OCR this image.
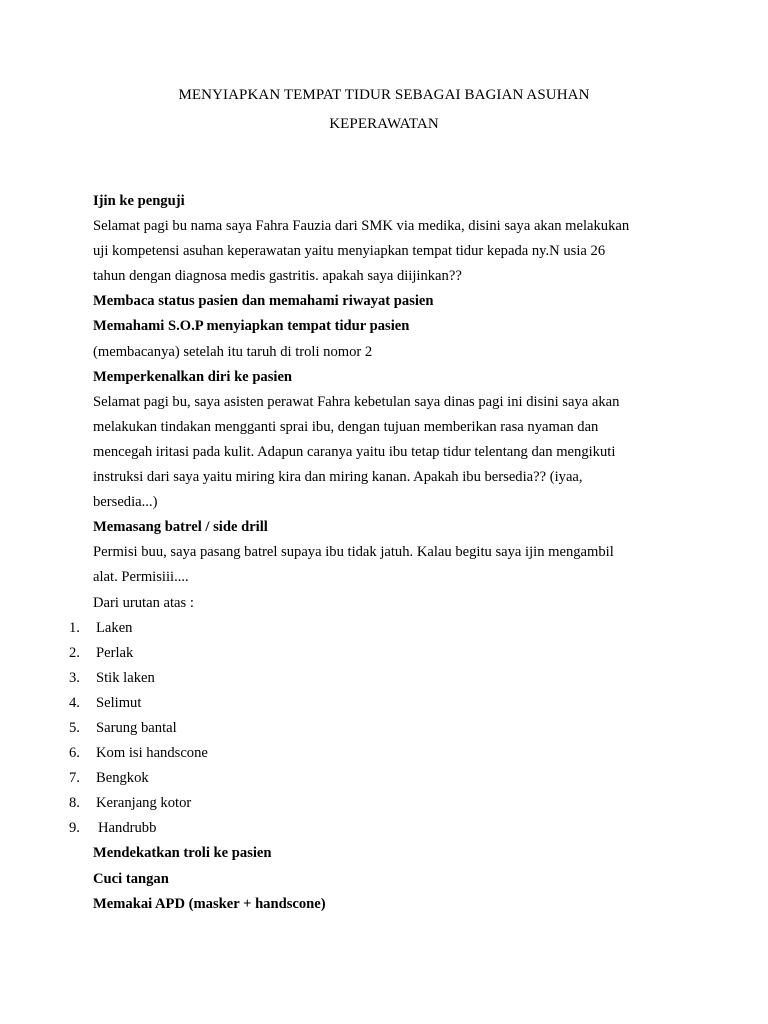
MENYIAPKAN TEMPAT TIDUR SEBAGAI BAGIAN ASUHAN
KEPERAWATAN
Ijin ke penguji
Selamat pagi bu nama saya Fahra Fauzia dari SMK via medika, disini saya akan melakukan
uji kompetensi asuhan keperawatan yaitu menyiapkan tempat tidur kepada ny.N usia 26
tahun dengan diagnosa medis gastritis. apakah saya diijinkan??
Membaca status pasien dan memahami riwayat pasien
Memahami S.O.P menyiapkan tempat tidur pasien
(membacanya) setelah itu taruh di troli nomor 2
Memperkenalkan diri ke pasien
Selamat pagi bu, saya asisten perawat Fahra kebetulan saya dinas pagi ini disini saya akan
melakukan tindakan mengganti sprai ibu, dengan tujuan memberikan rasa nyaman dan
mencegah iritasi pada kulit. Adapun caranya yaitu ibu tetap tidur telentang dan mengikuti
instruksi dari saya yaitu miring kira dan miring kanan. Apakah ibu bersedia?? (iyaa,
bersedia...)
Memasang batrel / side drill
Permisi buu, saya pasang batrel supaya ibu tidak jatuh. Kalau begitu saya ijin mengambil
alat. Permisiii....
Dari urutan atas :
1.	Laken
2.	Perlak
3.	Stik laken
4.	Selimut
5.	Sarung bantal
6.	Kom isi handscone
7.	Bengkok
8.	Keranjang kotor
9.	Handrubb
Mendekatkan troli ke pasien
Cuci tangan
Memakai APD (masker + handscone)
